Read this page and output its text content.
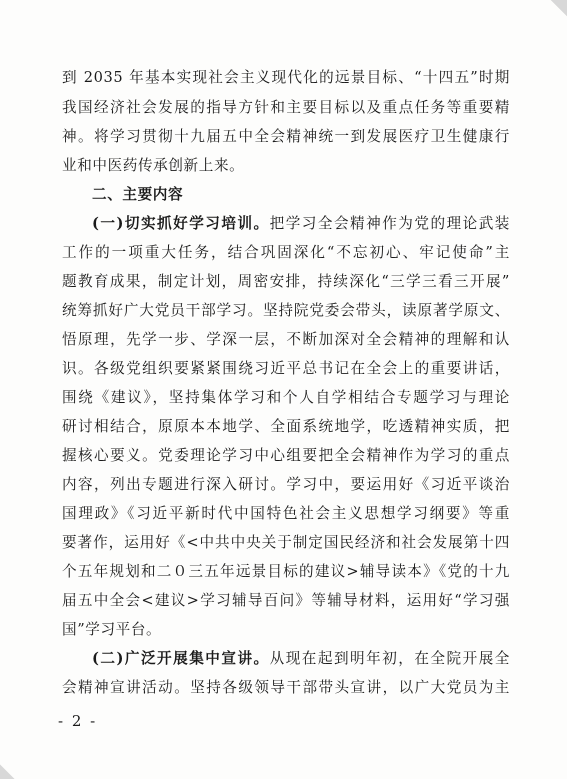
到 2035 年基本实现社会主义现代化的远景目标、“十四五”时期
我国经济社会发展的指导方针和主要目标以及重点任务等重要精
神。将学习贯彻十九届五中全会精神统一到发展医疗卫生健康行
业和中医药传承创新上来。
二、主要内容
(一)切实抓好学习培训。把学习全会精神作为党的理论武装
工作的一项重大任务，结合巩固深化“不忘初心、牢记使命”主
题教育成果，制定计划，周密安排，持续深化“三学三看三开展”
统筹抓好广大党员干部学习。坚持院党委会带头，读原著学原文、
悟原理，先学一步、学深一层，不断加深对全会精神的理解和认
识。各级党组织要紧紧围绕习近平总书记在全会上的重要讲话，
围绕《建议》，坚持集体学习和个人自学相结合专题学习与理论
研讨相结合，原原本本地学、全面系统地学，吃透精神实质，把
握核心要义。党委理论学习中心组要把全会精神作为学习的重点
内容，列出专题进行深入研讨。学习中，要运用好《习近平谈治
国理政》《习近平新时代中国特色社会主义思想学习纲要》等重
要著作，运用好《<中共中央关于制定国民经济和社会发展第十四
个五年规划和二０三五年远景目标的建议>辅导读本》《党的十九
届五中全会<建议>学习辅导百问》等辅导材料，运用好“学习强
国”学习平台。
(二)广泛开展集中宣讲。从现在起到明年初，在全院开展全
会精神宣讲活动。坚持各级领导干部带头宣讲，以广大党员为主
- 2 -
